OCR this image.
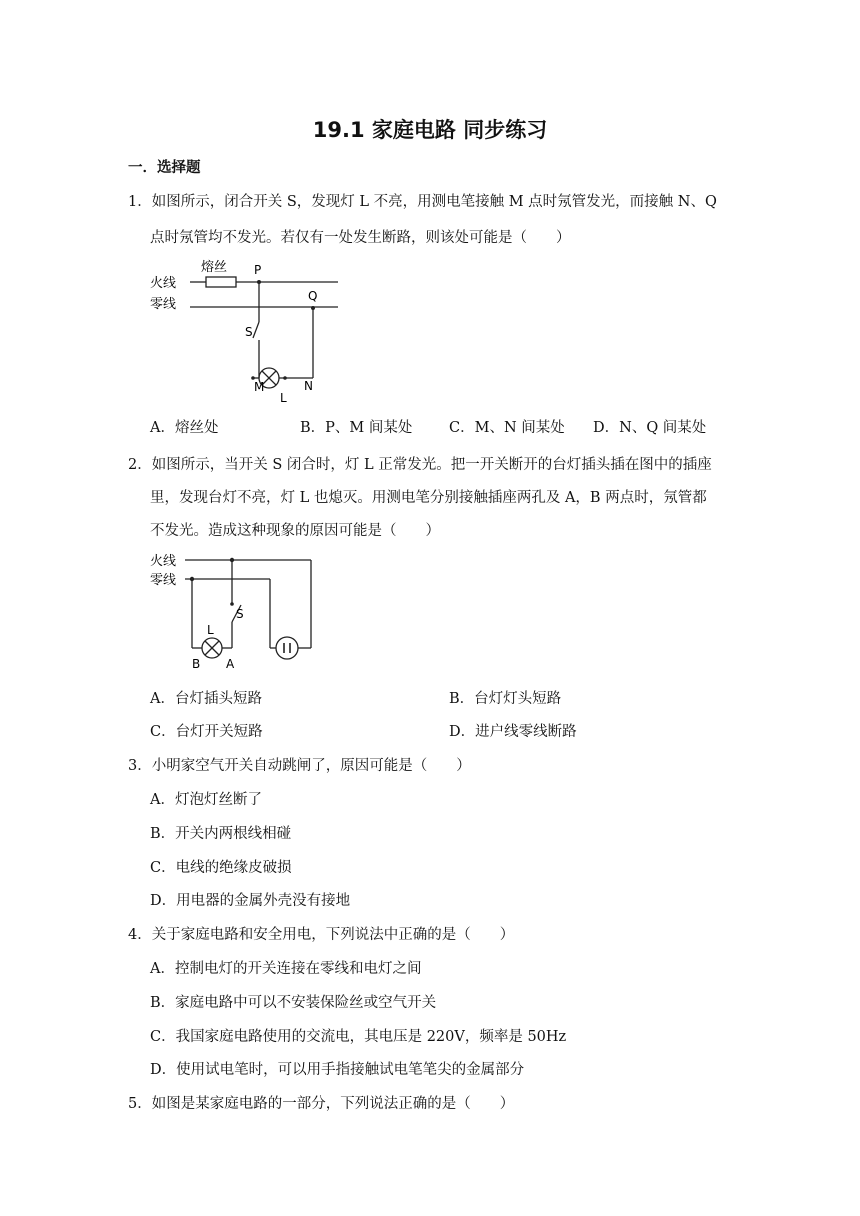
19.1 家庭电路 同步练习
一．选择题
1．如图所示，闭合开关 S，发现灯 L 不亮，用测电笔接触 M 点时氖管发光，而接触 N、Q
点时氖管均不发光。若仅有一处发生断路，则该处可能是（　　）
火线
零线
熔丝 P
Q
S
M	N
L
A．熔丝处	B．P、M 间某处	C．M、N 间某处 D．N、Q 间某处
2．如图所示，当开关 S 闭合时，灯 L 正常发光。把一开关断开的台灯插头插在图中的插座
里，发现台灯不亮，灯 L 也熄灭。用测电笔分别接触插座两孔及 A，B 两点时，氖管都
不发光。造成这种现象的原因可能是（　　）
火线
零线
S
L
B A
A．台灯插头短路	B．台灯灯头短路
C．台灯开关短路	D．进户线零线断路
3．小明家空气开关自动跳闸了，原因可能是（　　）
A．灯泡灯丝断了
B．开关内两根线相碰
C．电线的绝缘皮破损
D．用电器的金属外壳没有接地
4．关于家庭电路和安全用电，下列说法中正确的是（　　）
A．控制电灯的开关连接在零线和电灯之间
B．家庭电路中可以不安装保险丝或空气开关
C．我国家庭电路使用的交流电，其电压是 220V，频率是 50Hz
D．使用试电笔时，可以用手指接触试电笔笔尖的金属部分
5．如图是某家庭电路的一部分，下列说法正确的是（　　）
